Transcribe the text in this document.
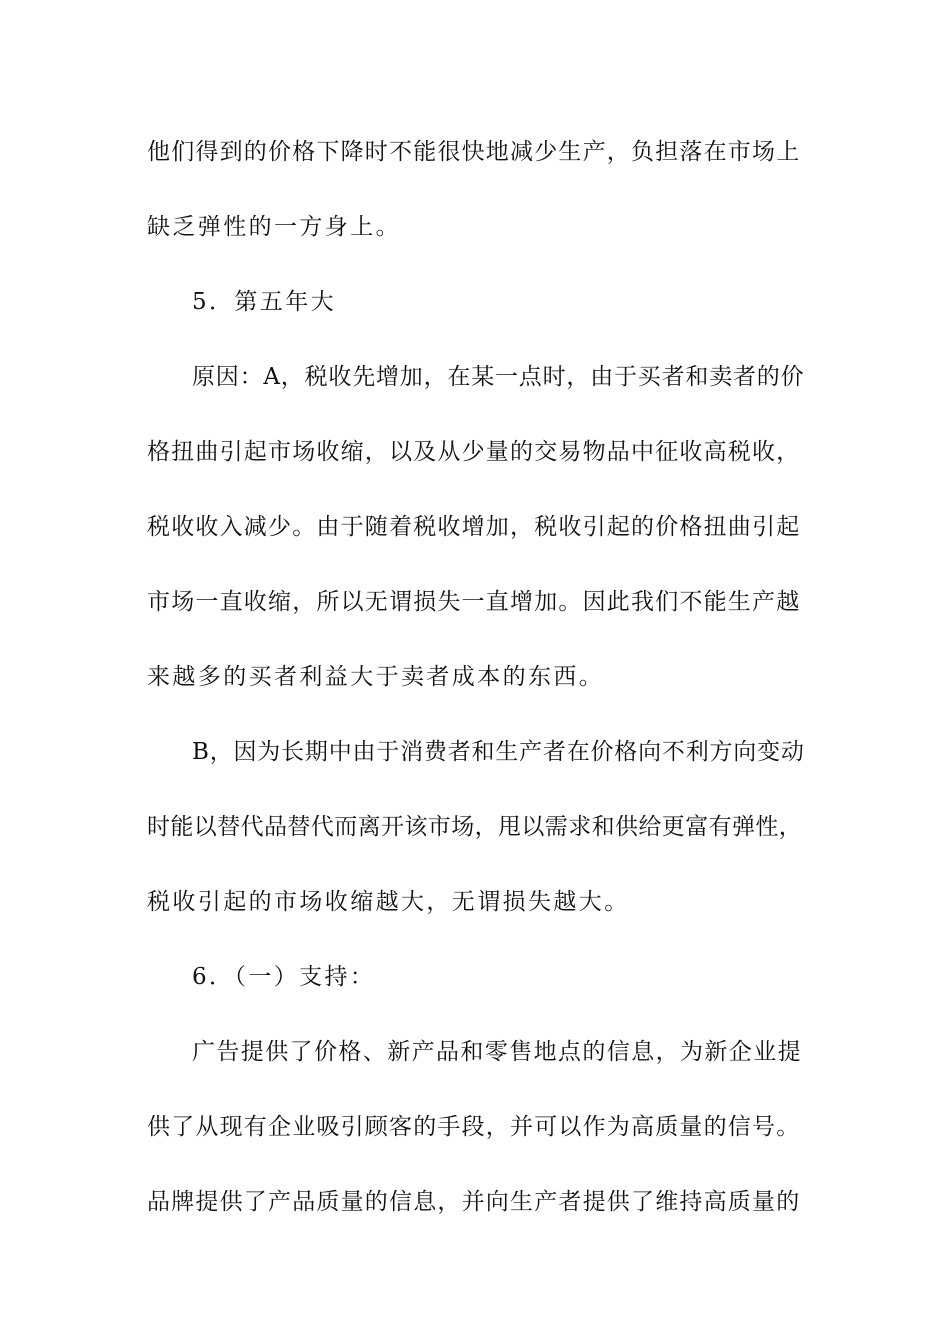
他们得到的价格下降时不能很快地减少生产，负担落在市场上

缺乏弹性的一方身上。

5．第五年大

原因：A，税收先增加，在某一点时，由于买者和卖者的价

格扭曲引起市场收缩，以及从少量的交易物品中征收高税收，

税收收入减少。由于随着税收增加，税收引起的价格扭曲引起

市场一直收缩，所以无谓损失一直增加。因此我们不能生产越

来越多的买者利益大于卖者成本的东西。

B，因为长期中由于消费者和生产者在价格向不利方向变动

时能以替代品替代而离开该市场，甩以需求和供给更富有弹性，

税收引起的市场收缩越大，无谓损失越大。

6．（一）支持：

广告提供了价格、新产品和零售地点的信息，为新企业提

供了从现有企业吸引顾客的手段，并可以作为高质量的信号。

品牌提供了产品质量的信息，并向生产者提供了维持高质量的
